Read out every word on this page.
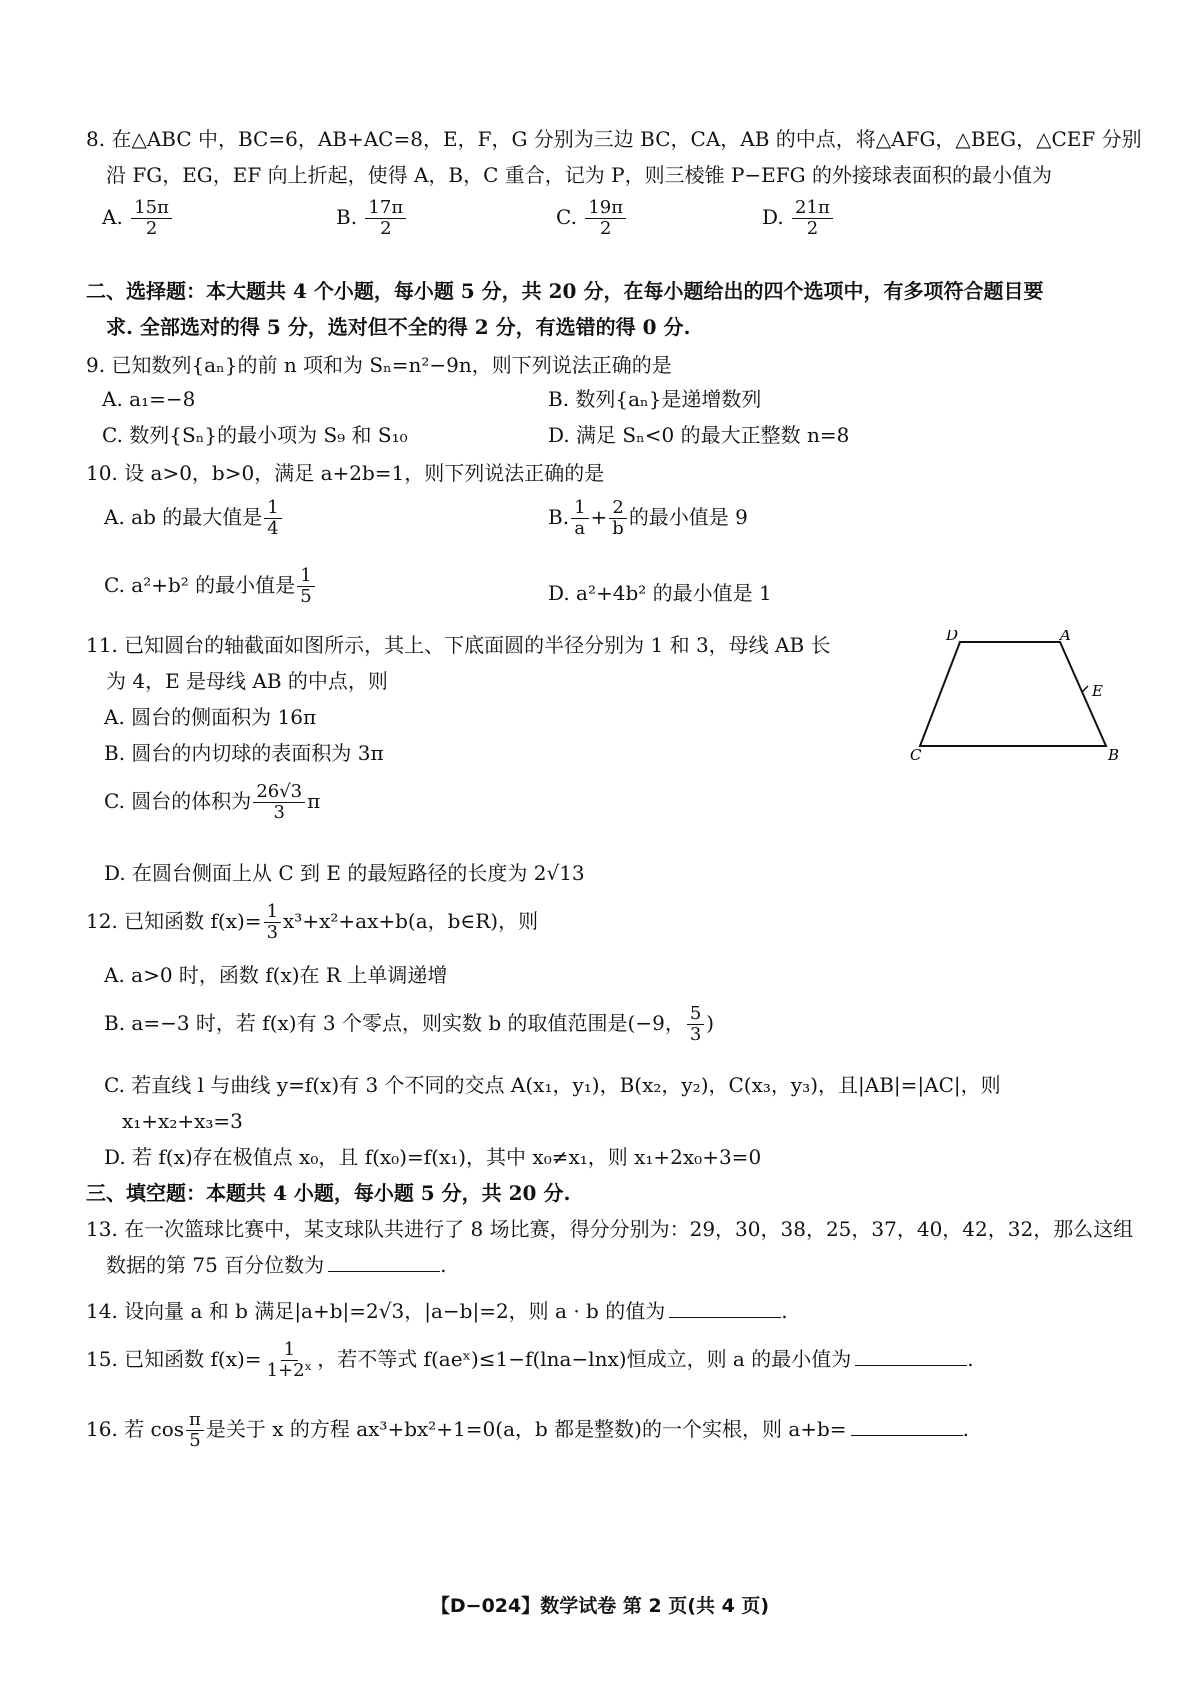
8. 在△ABC 中，BC=6，AB+AC=8，E，F，G 分别为三边 BC，CA，AB 的中点，将△AFG，△BEG，△CEF 分别
沿 FG，EG，EF 向上折起，使得 A，B，C 重合，记为 P，则三棱锥 P−EFG 的外接球表面积的最小值为
A. $\frac{15\pi}{2}$	B. $\frac{17\pi}{2}$	C. $\frac{19\pi}{2}$	D. $\frac{21\pi}{2}$
二、选择题：本大题共 4 个小题，每小题 5 分，共 20 分，在每小题给出的四个选项中，有多项符合题目要
求. 全部选对的得 5 分，选对但不全的得 2 分，有选错的得 0 分.
9. 已知数列{aₙ}的前 n 项和为 Sₙ=n²−9n，则下列说法正确的是
A. a₁=−8	B. 数列{aₙ}是递增数列
C. 数列{Sₙ}的最小项为 S₉ 和 S₁₀	D. 满足 Sₙ<0 的最大正整数 n=8
10. 设 a>0，b>0，满足 a+2b=1，则下列说法正确的是
A. ab 的最大值是 $\frac{1}{4}$	B. $\frac{1}{a} + \frac{2}{b}$ 的最小值是 9
C. a²+b² 的最小值是 $\frac{1}{5}$	D. a²+4b² 的最小值是 1
11. 已知圆台的轴截面如图所示，其上、下底面圆的半径分别为 1 和 3，母线 AB 长
为 4，E 是母线 AB 的中点，则
A. 圆台的侧面积为 16π
B. 圆台的内切球的表面积为 3π
C. 圆台的体积为 $\frac{26√3}{3}$ π
D. 在圆台侧面上从 C 到 E 的最短路径的长度为 2√13
D	A
E
C	B
12. 已知函数 $f(x)= \frac{1}{3} x^3+x^2+ax+b(a$，b∈R)，则
A. a>0 时，函数 f(x)在 R 上单调递增
B. a=−3 时，若 f(x)有 3 个零点，则实数 b 的取值范围是(−9， $\frac{5}{3}$ )
C. 若直线 l 与曲线 y=f(x)有 3 个不同的交点 A(x₁，y₁)，B(x₂，y₂)，C(x₃，y₃)，且|AB|=|AC|，则
x₁+x₂+x₃=3
D. 若 f(x)存在极值点 x₀，且 f(x₀)=f(x₁)，其中 x₀≠x₁，则 x₁+2x₀+3=0
三、填空题：本题共 4 小题，每小题 5 分，共 20 分.
13. 在一次篮球比赛中，某支球队共进行了 8 场比赛，得分分别为：29，30，38，25，37，40，42，32，那么这组
数据的第 75 百分位数为	.
14. 设向量 a 和 b 满足|a+b|=2√3，|a−b|=2，则 a · b 的值为	.
15. 已知函数 $f(x)= \frac{1}{\text{1+2ˣ}}$ ，若不等式 f(aeˣ)≤1−f(lna−lnx)恒成立，则 a 的最小值为	.
16. 若 $\cos \frac{\pi}{5}$ 是关于 x 的方程 ax³+bx²+1=0(a，b 都是整数)的一个实根，则 a+b=	.
【D−024】数学试卷 第 2 页(共 4 页)
